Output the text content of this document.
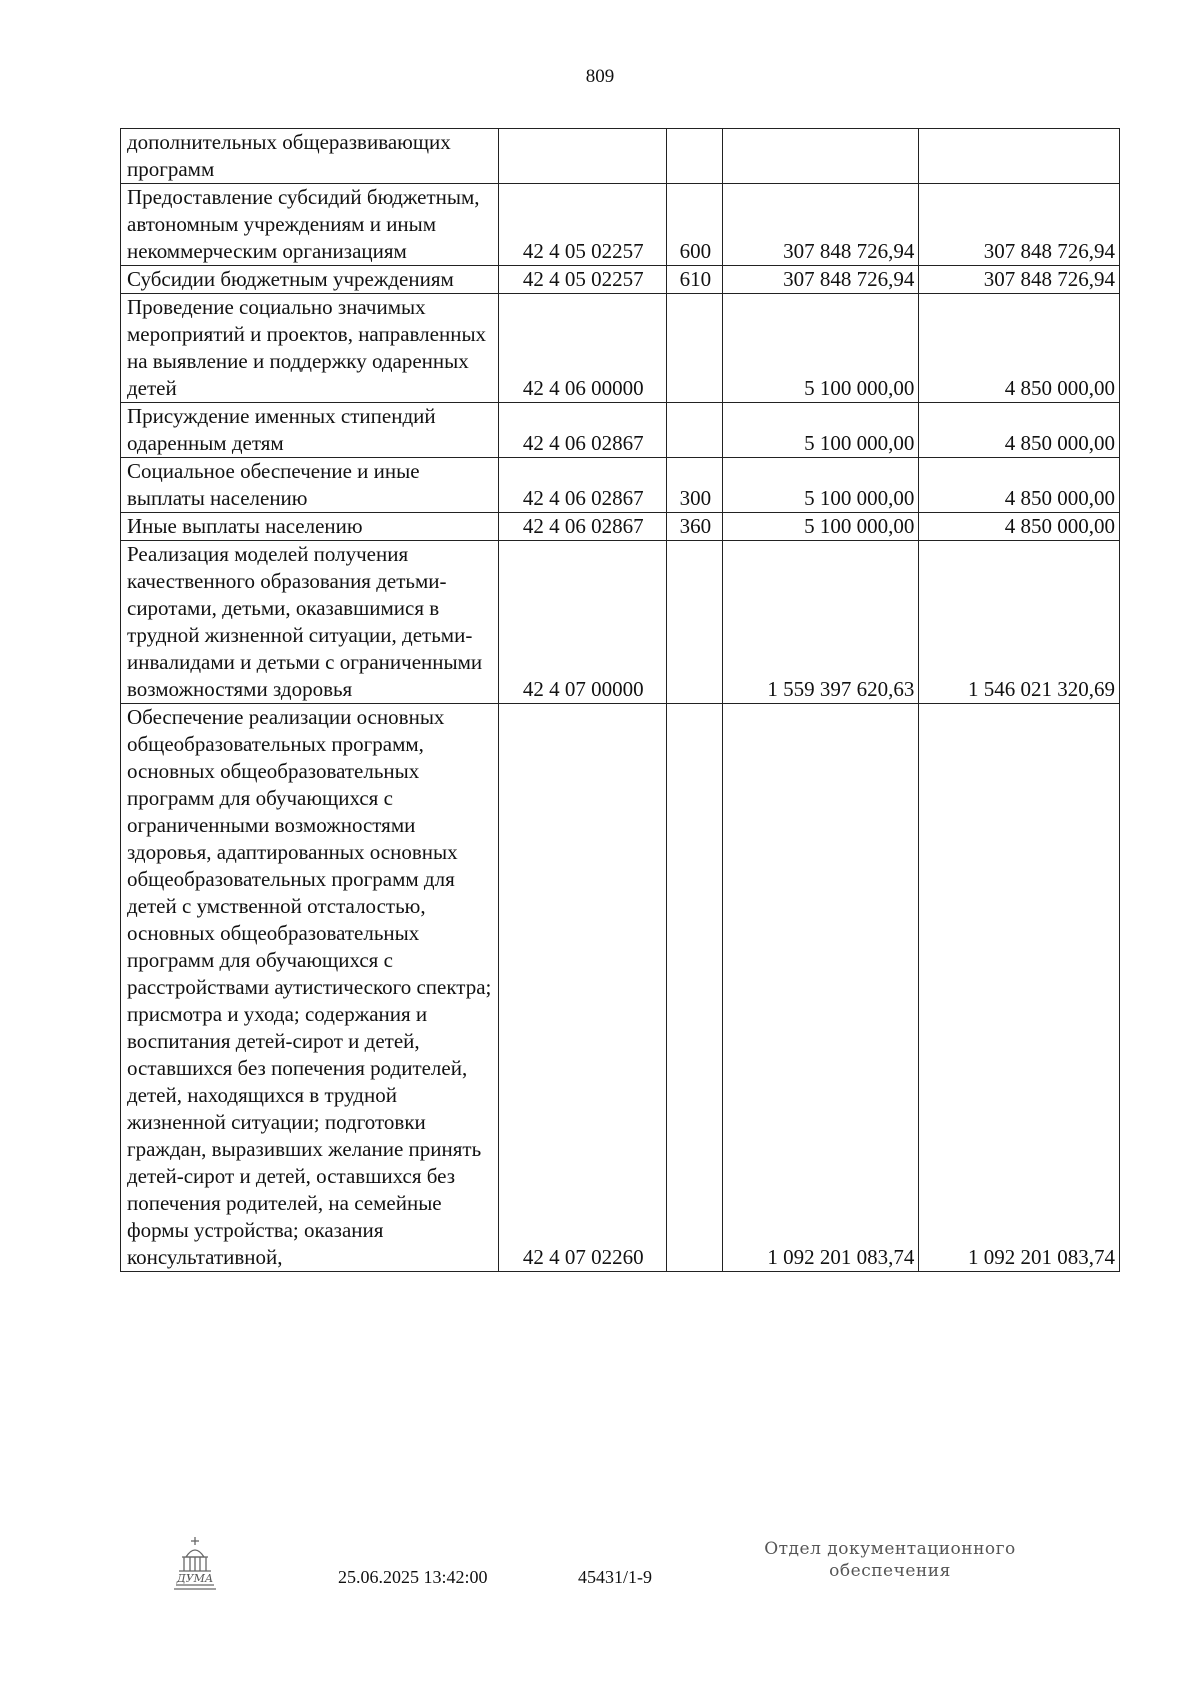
809
дополнительных общеразвивающих программ				
Предоставление субсидий бюджетным, автономным учреждениям и иным некоммерческим организациям	42 4 05 02257	600	307 848 726,94	307 848 726,94
Субсидии бюджетным учреждениям	42 4 05 02257	610	307 848 726,94	307 848 726,94
Проведение социально значимых мероприятий и проектов, направленных на выявление и поддержку одаренных детей	42 4 06 00000		5 100 000,00	4 850 000,00
Присуждение именных стипендий одаренным детям	42 4 06 02867		5 100 000,00	4 850 000,00
Социальное обеспечение и иные выплаты населению	42 4 06 02867	300	5 100 000,00	4 850 000,00
Иные выплаты населению	42 4 06 02867	360	5 100 000,00	4 850 000,00
Реализация моделей получения качественного образования детьми-сиротами, детьми, оказавшимися в трудной жизненной ситуации, детьми-инвалидами и детьми с ограниченными возможностями здоровья	42 4 07 00000		1 559 397 620,63	1 546 021 320,69
Обеспечение реализации основных общеобразовательных программ, основных общеобразовательных программ для обучающихся с ограниченными возможностями здоровья, адаптированных основных общеобразовательных программ для детей с умственной отсталостью, основных общеобразовательных программ для обучающихся с расстройствами аутистического спектра; присмотра и ухода; содержания и воспитания детей-сирот и детей, оставшихся без попечения родителей, детей, находящихся в трудной жизненной ситуации; подготовки граждан, выразивших желание принять детей-сирот и детей, оставшихся без попечения родителей, на семейные формы устройства; оказания консультативной,	42 4 07 02260		1 092 201 083,74	1 092 201 083,74
ДУМА	25.06.2025 13:42:00	45431/1-9
Отдел документационного
обеспечения
